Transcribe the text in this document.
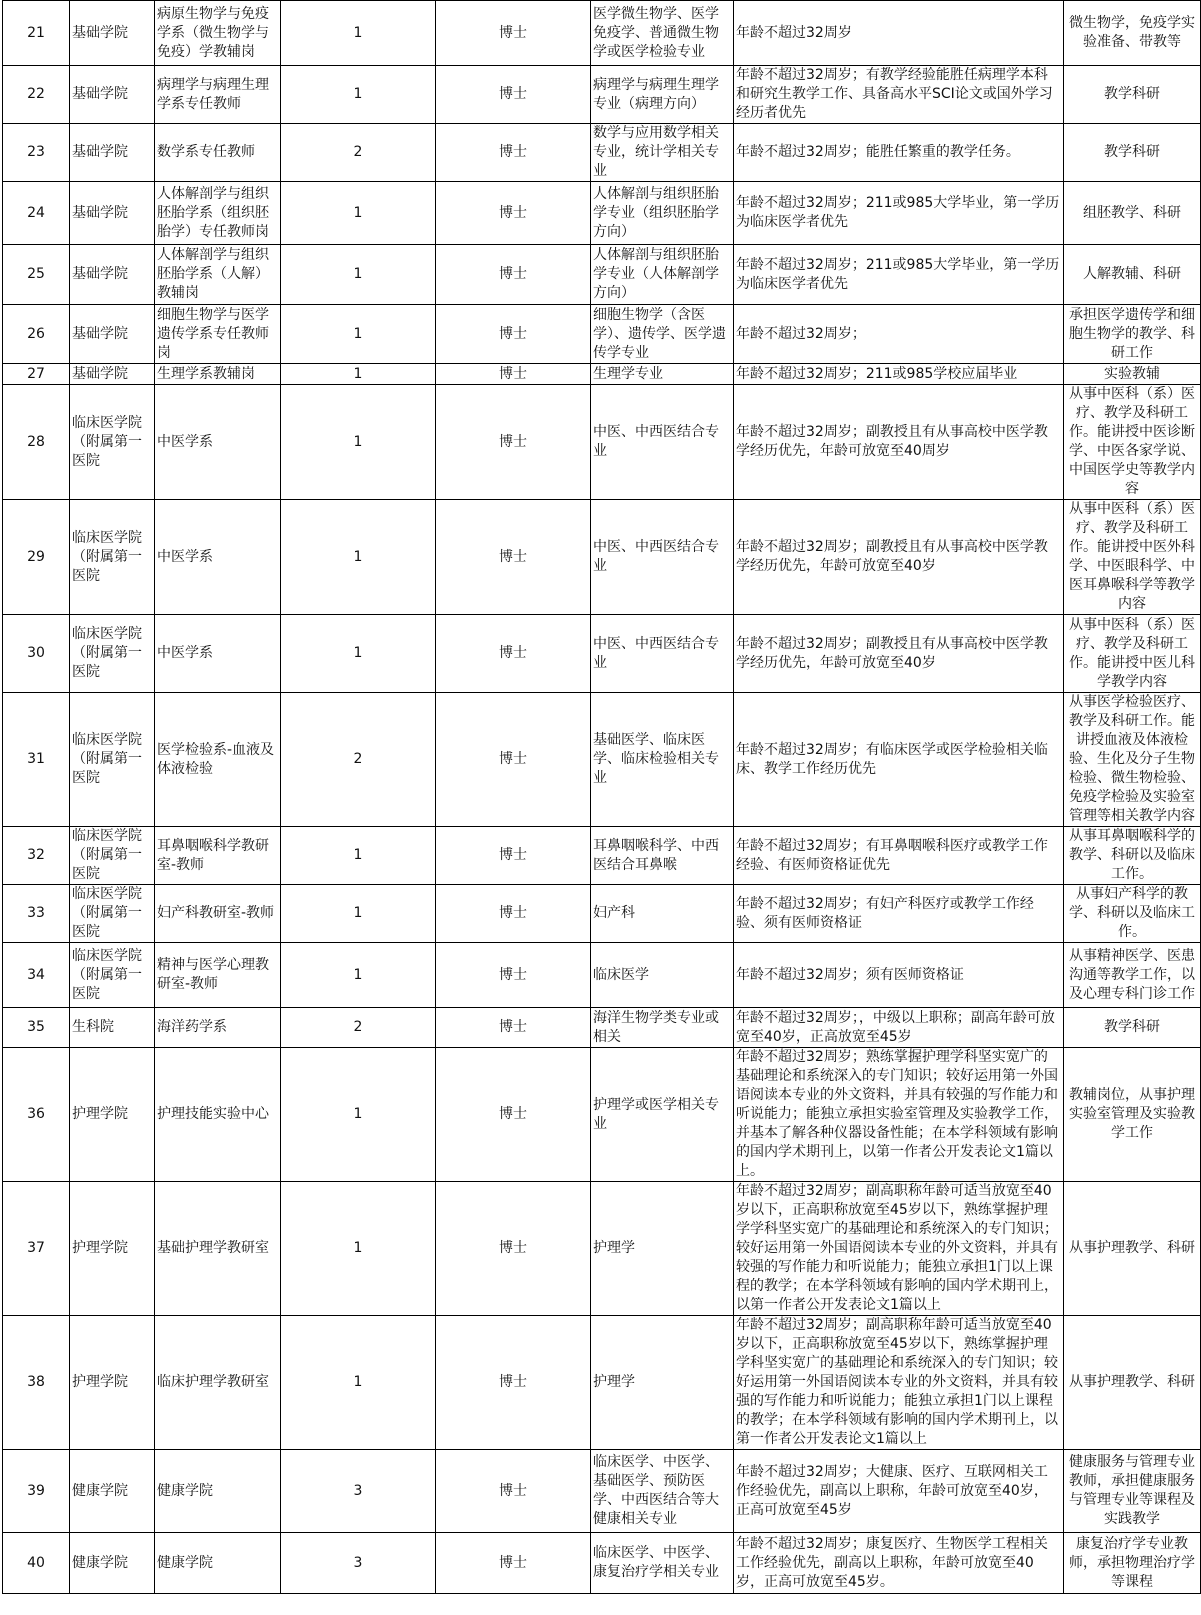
21	基础学院	病原生物学与免疫学系（微生物学与免疫）学教辅岗	1	博士	医学微生物学、医学免疫学、普通微生物学或医学检验专业	年龄不超过32周岁	微生物学，免疫学实验准备、带教等
22	基础学院	病理学与病理生理学系专任教师	1	博士	病理学与病理生理学专业（病理方向）	年龄不超过32周岁；有教学经验能胜任病理学本科和研究生教学工作、具备高水平SCI论文或国外学习经历者优先	教学科研
23	基础学院	数学系专任教师	2	博士	数学与应用数学相关专业，统计学相关专业	年龄不超过32周岁；能胜任繁重的教学任务。	教学科研
24	基础学院	人体解剖学与组织胚胎学系（组织胚胎学）专任教师岗	1	博士	人体解剖与组织胚胎学专业（组织胚胎学方向）	年龄不超过32周岁；211或985大学毕业，第一学历为临床医学者优先	组胚教学、科研
25	基础学院	人体解剖学与组织胚胎学系（人解）教辅岗	1	博士	人体解剖与组织胚胎学专业（人体解剖学方向）	年龄不超过32周岁；211或985大学毕业，第一学历为临床医学者优先	人解教辅、科研
26	基础学院	细胞生物学与医学遗传学系专任教师岗	1	博士	细胞生物学（含医学）、遗传学、医学遗传学专业	年龄不超过32周岁；	承担医学遗传学和细胞生物学的教学、科研工作
27	基础学院	生理学系教辅岗	1	博士	生理学专业	年龄不超过32周岁；211或985学校应届毕业	实验教辅
28	临床医学院（附属第一医院	中医学系	1	博士	中医、中西医结合专业	年龄不超过32周岁；副教授且有从事高校中医学教学经历优先，年龄可放宽至40周岁	从事中医科（系）医疗、教学及科研工作。能讲授中医诊断学、中医各家学说、中国医学史等教学内容
29	临床医学院（附属第一医院	中医学系	1	博士	中医、中西医结合专业	年龄不超过32周岁；副教授且有从事高校中医学教学经历优先，年龄可放宽至40岁	从事中医科（系）医疗、教学及科研工作。能讲授中医外科学、中医眼科学、中医耳鼻喉科学等教学内容
30	临床医学院（附属第一医院	中医学系	1	博士	中医、中西医结合专业	年龄不超过32周岁；副教授且有从事高校中医学教学经历优先，年龄可放宽至40岁	从事中医科（系）医疗、教学及科研工作。能讲授中医儿科学教学内容
31	临床医学院（附属第一医院	医学检验系-血液及体液检验	2	博士	基础医学、临床医学、临床检验相关专业	年龄不超过32周岁；有临床医学或医学检验相关临床、教学工作经历优先	从事医学检验医疗、教学及科研工作。能讲授血液及体液检验、生化及分子生物检验、微生物检验、免疫学检验及实验室管理等相关教学内容
32	临床医学院（附属第一医院	耳鼻咽喉科学教研室-教师	1	博士	耳鼻咽喉科学、中西医结合耳鼻喉	年龄不超过32周岁；有耳鼻咽喉科医疗或教学工作经验、有医师资格证优先	从事耳鼻咽喉科学的教学、科研以及临床工作。
33	临床医学院（附属第一医院	妇产科教研室-教师	1	博士	妇产科	年龄不超过32周岁；有妇产科医疗或教学工作经验、须有医师资格证	从事妇产科学的教学、科研以及临床工作。
34	临床医学院（附属第一医院	精神与医学心理教研室-教师	1	博士	临床医学	年龄不超过32周岁；须有医师资格证	从事精神医学、医患沟通等教学工作，以及心理专科门诊工作
35	生科院	海洋药学系	2	博士	海洋生物学类专业或相关	年龄不超过32周岁；，中级以上职称；副高年龄可放宽至40岁，正高放宽至45岁	教学科研
36	护理学院	护理技能实验中心	1	博士	护理学或医学相关专业	年龄不超过32周岁；熟练掌握护理学科坚实宽广的基础理论和系统深入的专门知识；较好运用第一外国语阅读本专业的外文资料，并具有较强的写作能力和听说能力；能独立承担实验室管理及实验教学工作，并基本了解各种仪器设备性能；在本学科领域有影响的国内学术期刊上，以第一作者公开发表论文1篇以上。	教辅岗位，从事护理实验室管理及实验教学工作
37	护理学院	基础护理学教研室	1	博士	护理学	年龄不超过32周岁；副高职称年龄可适当放宽至40岁以下，正高职称放宽至45岁以下，熟练掌握护理学学科坚实宽广的基础理论和系统深入的专门知识；较好运用第一外国语阅读本专业的外文资料，并具有较强的写作能力和听说能力；能独立承担1门以上课程的教学；在本学科领域有影响的国内学术期刊上，以第一作者公开发表论文1篇以上	从事护理教学、科研
38	护理学院	临床护理学教研室	1	博士	护理学	年龄不超过32周岁；副高职称年龄可适当放宽至40岁以下，正高职称放宽至45岁以下，熟练掌握护理学科坚实宽广的基础理论和系统深入的专门知识；较好运用第一外国语阅读本专业的外文资料，并具有较强的写作能力和听说能力；能独立承担1门以上课程的教学；在本学科领域有影响的国内学术期刊上，以第一作者公开发表论文1篇以上	从事护理教学、科研
39	健康学院	健康学院	3	博士	临床医学、中医学、基础医学、预防医学、中西医结合等大健康相关专业	年龄不超过32周岁；大健康、医疗、互联网相关工作经验优先，副高以上职称，年龄可放宽至40岁，正高可放宽至45岁	健康服务与管理专业教师，承担健康服务与管理专业等课程及实践教学
40	健康学院	健康学院	3	博士	临床医学、中医学、康复治疗学相关专业	年龄不超过32周岁；康复医疗、生物医学工程相关工作经验优先，副高以上职称，年龄可放宽至40岁，正高可放宽至45岁。	康复治疗学专业教师，承担物理治疗学等课程
